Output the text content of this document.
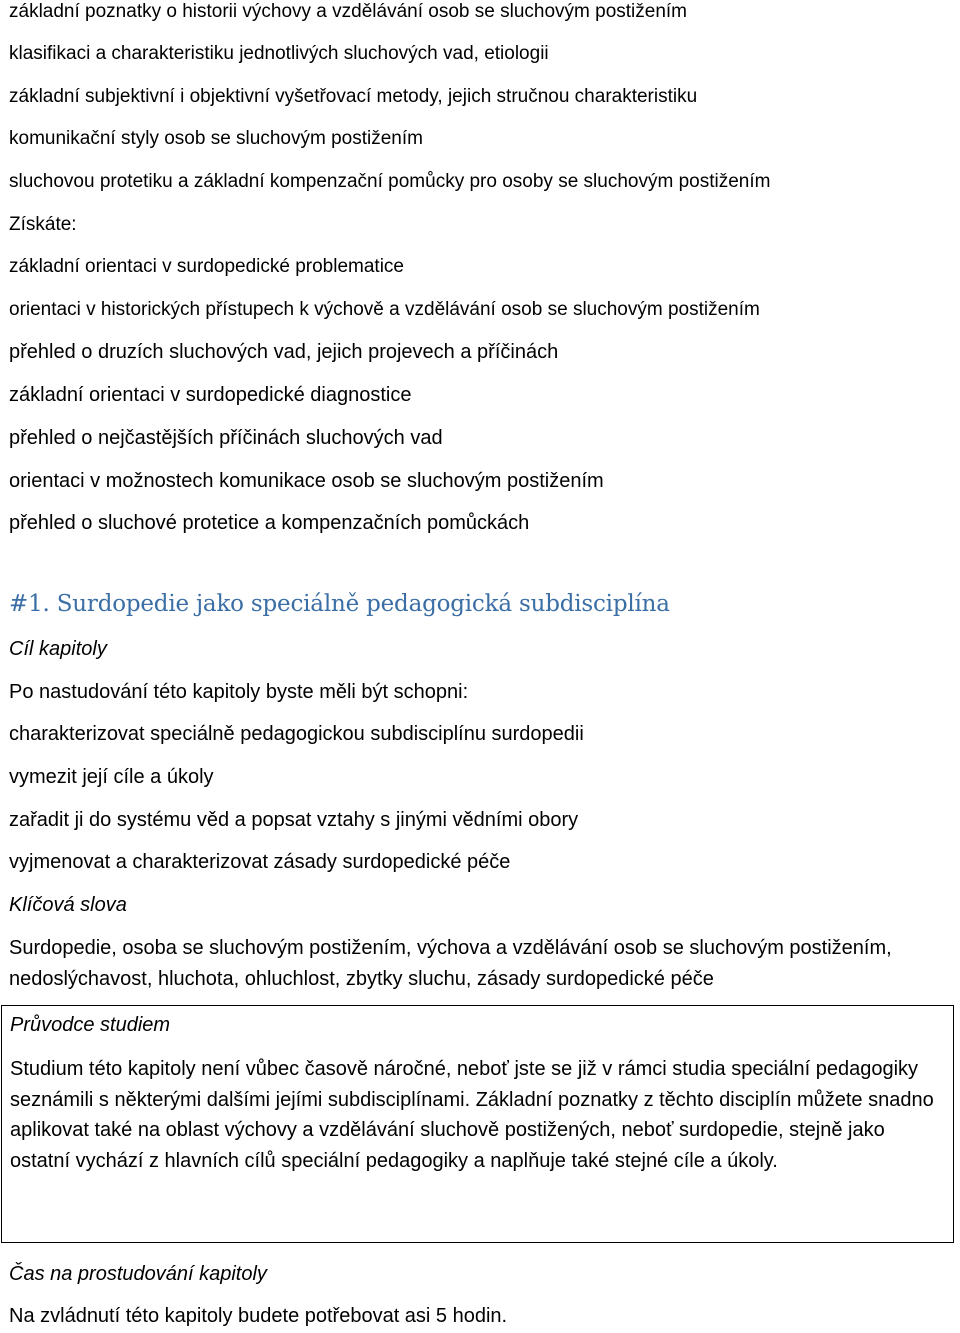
základní poznatky o historii výchovy a vzdělávání osob se sluchovým postižením
klasifikaci a charakteristiku jednotlivých sluchových vad, etiologii
základní subjektivní i objektivní vyšetřovací metody, jejich stručnou charakteristiku
komunikační styly osob se sluchovým postižením
sluchovou protetiku a základní kompenzační pomůcky pro osoby se sluchovým postižením
Získáte:
základní orientaci v surdopedické problematice
orientaci v historických přístupech k výchově a vzdělávání osob se sluchovým postižením
přehled o druzích sluchových vad, jejich projevech a příčinách
základní orientaci v surdopedické diagnostice
přehled o nejčastějších příčinách sluchových vad
orientaci v možnostech komunikace osob se sluchovým postižením
přehled o sluchové protetice a kompenzačních pomůckách
#1. Surdopedie jako speciálně pedagogická subdisciplína
Cíl kapitoly
Po nastudování této kapitoly byste měli být schopni:
charakterizovat speciálně pedagogickou subdisciplínu surdopedii
vymezit její cíle a úkoly
zařadit ji do systému věd a popsat vztahy s jinými vědními obory
vyjmenovat a charakterizovat zásady surdopedické péče
Klíčová slova
Surdopedie, osoba se sluchovým postižením, výchova a vzdělávání osob se sluchovým postižením, nedoslýchavost, hluchota, ohluchlost, zbytky sluchu, zásady surdopedické péče
Průvodce studiem
Studium této kapitoly není vůbec časově náročné, neboť jste se již v rámci studia speciální pedagogiky seznámili s některými dalšími jejími subdisciplínami. Základní poznatky z těchto disciplín můžete snadno aplikovat také na oblast výchovy a vzdělávání sluchově postižených, neboť surdopedie, stejně jako ostatní vychází z hlavních cílů speciální pedagogiky a naplňuje také stejné cíle a úkoly.
Čas na prostudování kapitoly
Na zvládnutí této kapitoly budete potřebovat asi 5 hodin.
